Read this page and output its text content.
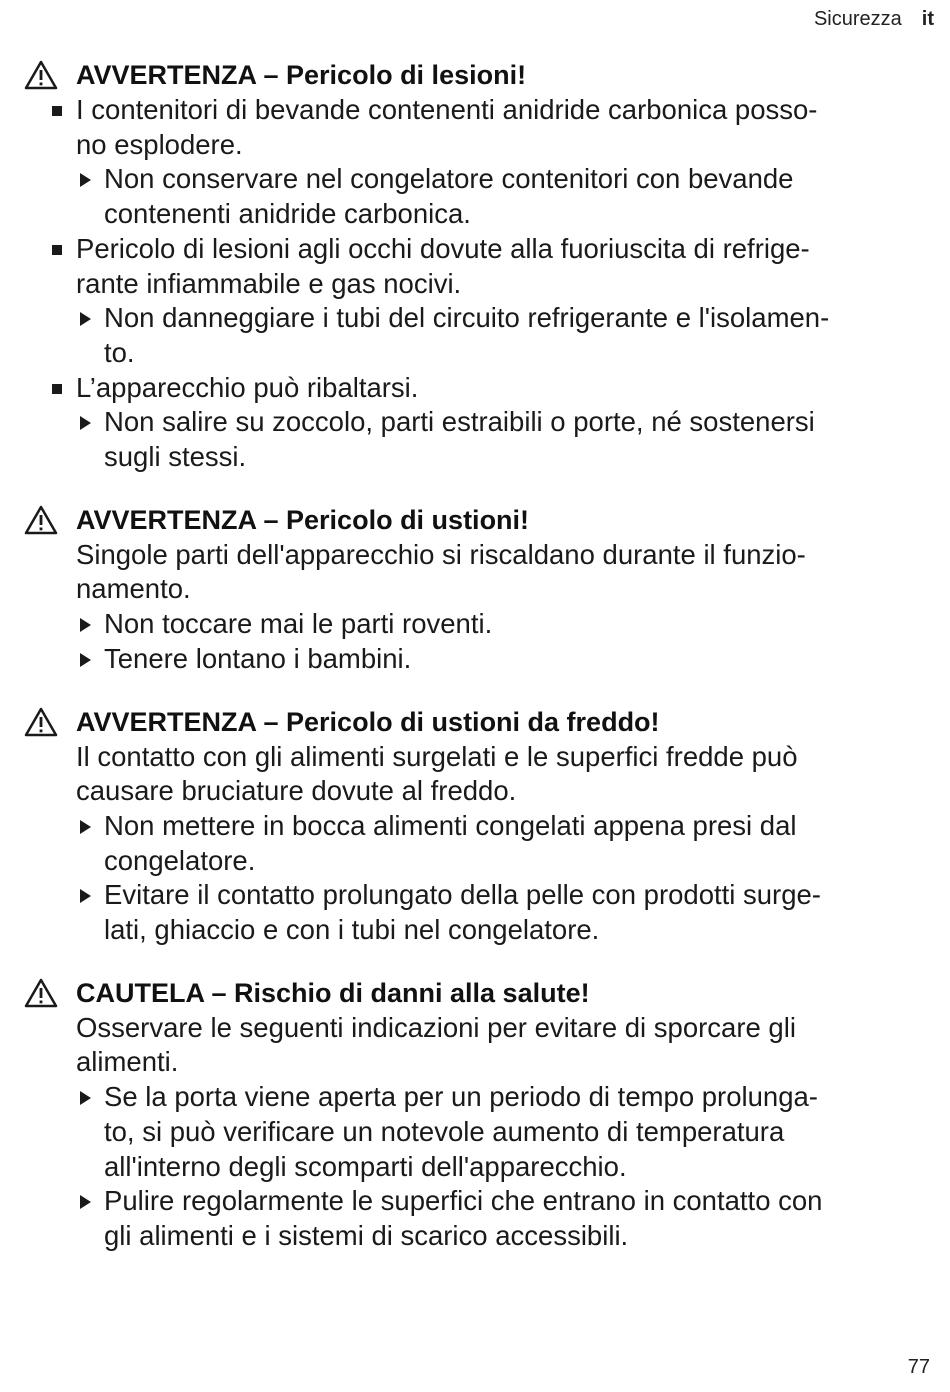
Sicurezza it
AVVERTENZA – Pericolo di lesioni!

I contenitori di bevande contenenti anidride carbonica posso-

no esplodere.

Non conservare nel congelatore contenitori con bevande

contenenti anidride carbonica.

Pericolo di lesioni agli occhi dovute alla fuoriuscita di refrige-

rante infiammabile e gas nocivi.

Non danneggiare i tubi del circuito refrigerante e l'isolamen-

to.

L’apparecchio può ribaltarsi.

Non salire su zoccolo, parti estraibili o porte, né sostenersi

sugli stessi.

AVVERTENZA – Pericolo di ustioni!

Singole parti dell'apparecchio si riscaldano durante il funzio-

namento.

Non toccare mai le parti roventi.

Tenere lontano i bambini.

AVVERTENZA – Pericolo di ustioni da freddo!

Il contatto con gli alimenti surgelati e le superfici fredde può

causare bruciature dovute al freddo.

Non mettere in bocca alimenti congelati appena presi dal

congelatore.

Evitare il contatto prolungato della pelle con prodotti surge-

lati, ghiaccio e con i tubi nel congelatore.

CAUTELA – Rischio di danni alla salute!

Osservare le seguenti indicazioni per evitare di sporcare gli

alimenti.

Se la porta viene aperta per un periodo di tempo prolunga-

to, si può verificare un notevole aumento di temperatura

all'interno degli scomparti dell'apparecchio.

Pulire regolarmente le superfici che entrano in contatto con

gli alimenti e i sistemi di scarico accessibili.

77
